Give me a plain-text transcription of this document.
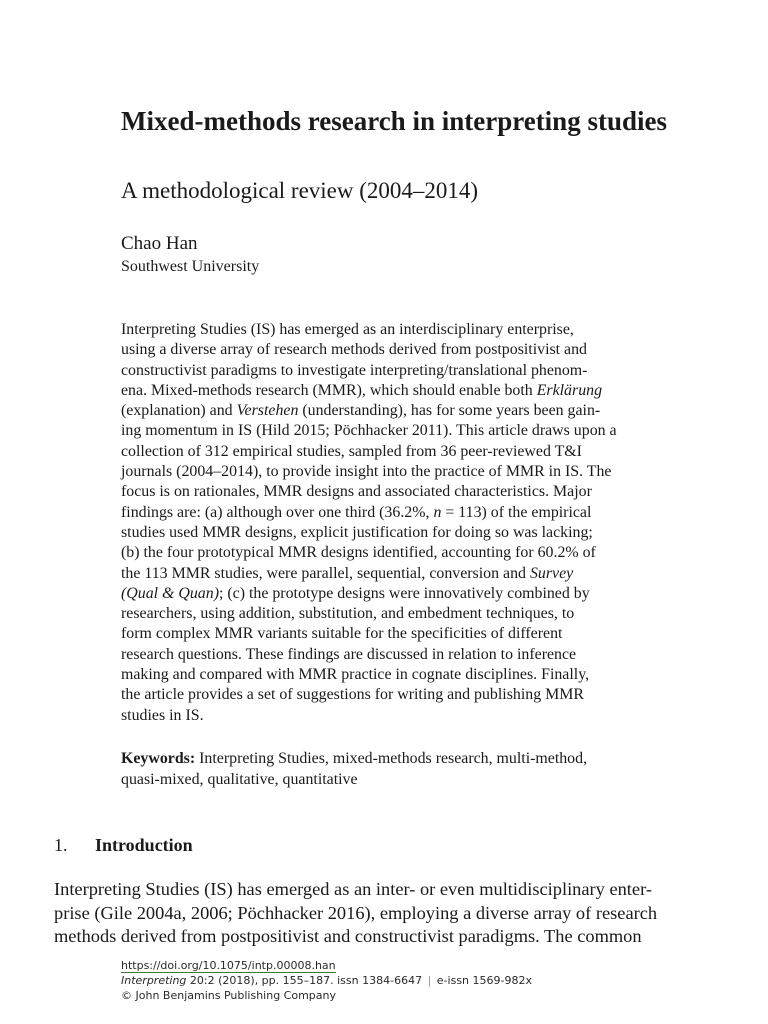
Mixed-methods research in interpreting studies
A methodological review (2004–2014)
Chao Han
Southwest University
Interpreting Studies (IS) has emerged as an interdisciplinary enterprise,
using a diverse array of research methods derived from postpositivist and
constructivist paradigms to investigate interpreting/translational phenom-
ena. Mixed-methods research (MMR), which should enable both Erklärung
(explanation) and Verstehen (understanding), has for some years been gain-
ing momentum in IS (Hild 2015; Pöchhacker 2011). This article draws upon a
collection of 312 empirical studies, sampled from 36 peer-reviewed T&I
journals (2004–2014), to provide insight into the practice of MMR in IS. The
focus is on rationales, MMR designs and associated characteristics. Major
findings are: (a) although over one third (36.2%, n = 113) of the empirical
studies used MMR designs, explicit justification for doing so was lacking;
(b) the four prototypical MMR designs identified, accounting for 60.2% of
the 113 MMR studies, were parallel, sequential, conversion and Survey
(Qual & Quan); (c) the prototype designs were innovatively combined by
researchers, using addition, substitution, and embedment techniques, to
form complex MMR variants suitable for the specificities of different
research questions. These findings are discussed in relation to inference
making and compared with MMR practice in cognate disciplines. Finally,
the article provides a set of suggestions for writing and publishing MMR
studies in IS.
Keywords: Interpreting Studies, mixed-methods research, multi-method,
quasi-mixed, qualitative, quantitative
1. Introduction
Interpreting Studies (IS) has emerged as an inter- or even multidisciplinary enter-
prise (Gile 2004a, 2006; Pöchhacker 2016), employing a diverse array of research
methods derived from postpositivist and constructivist paradigms. The common
https://doi.org/10.1075/intp.00008.han
Interpreting 20:2 (2018), pp. 155–187. issn 1384-6647 | e-issn 1569-982x
© John Benjamins Publishing Company
